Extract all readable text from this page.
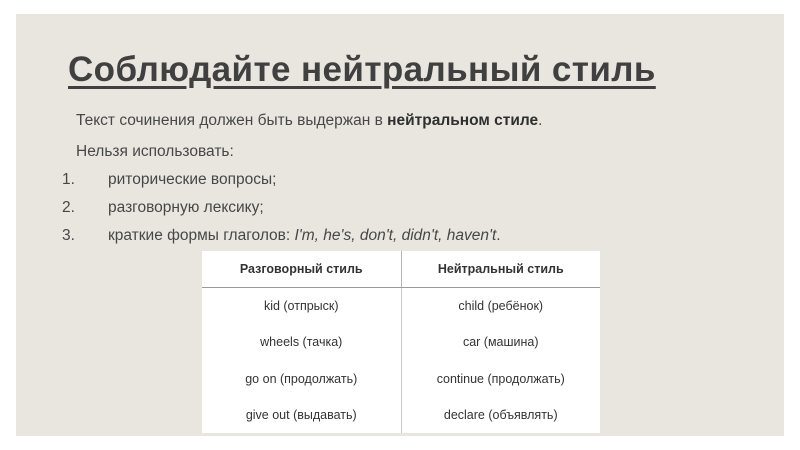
Соблюдайте нейтральный стиль
Текст сочинения должен быть выдержан в нейтральном стиле.
Нельзя использовать:
1. риторические вопросы;
2. разговорную лексику;
3. краткие формы глаголов: I'm, he's, don't, didn't, haven't.
Разговорный стиль	Нейтральный стиль
kid (отпрыск)	child (ребёнок)
wheels (тачка)	car (машина)
go on (продолжать)	continue (продолжать)
give out (выдавать)	declare (объявлять)
